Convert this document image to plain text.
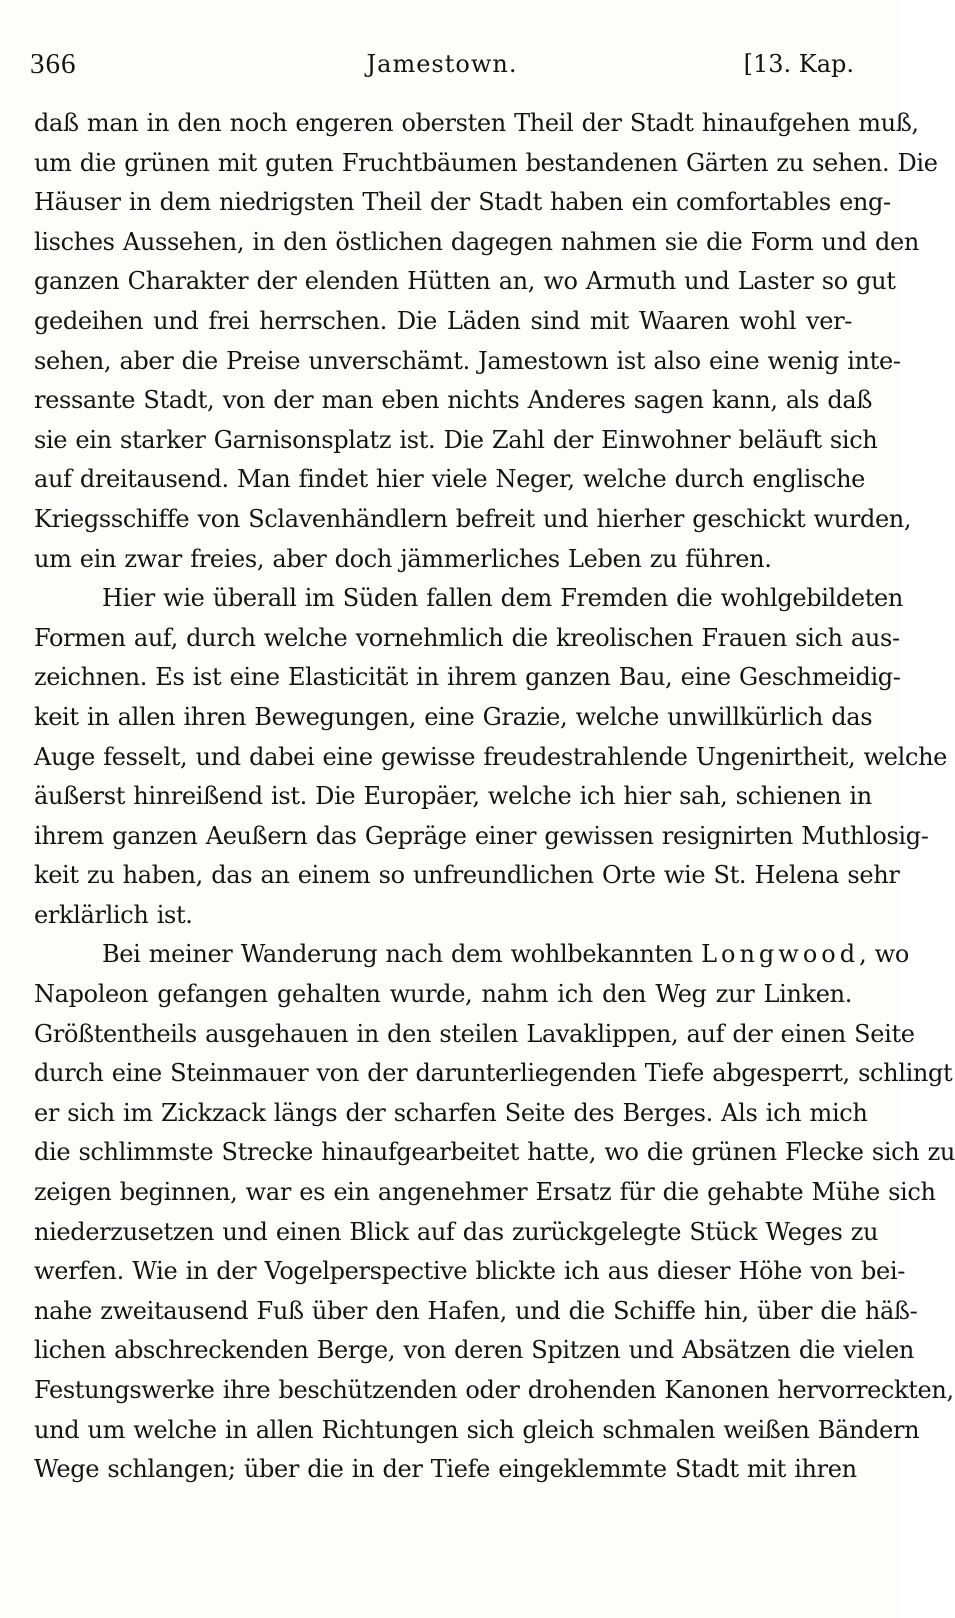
366	Jamestown.	[13. Kap.
daß man in den noch engeren obersten Theil der Stadt hinaufgehen muß,
um die grünen mit guten Fruchtbäumen bestandenen Gärten zu sehen. Die
Häuser in dem niedrigsten Theil der Stadt haben ein comfortables eng-
lisches Aussehen, in den östlichen dagegen nahmen sie die Form und den
ganzen Charakter der elenden Hütten an, wo Armuth und Laster so gut
gedeihen und frei herrschen. Die Läden sind mit Waaren wohl ver-
sehen, aber die Preise unverschämt. Jamestown ist also eine wenig inte-
ressante Stadt, von der man eben nichts Anderes sagen kann, als daß
sie ein starker Garnisonsplatz ist. Die Zahl der Einwohner beläuft sich
auf dreitausend. Man findet hier viele Neger, welche durch englische
Kriegsschiffe von Sclavenhändlern befreit und hierher geschickt wurden,
um ein zwar freies, aber doch jämmerliches Leben zu führen.
Hier wie überall im Süden fallen dem Fremden die wohlgebildeten
Formen auf, durch welche vornehmlich die kreolischen Frauen sich aus-
zeichnen. Es ist eine Elasticität in ihrem ganzen Bau, eine Geschmeidig-
keit in allen ihren Bewegungen, eine Grazie, welche unwillkürlich das
Auge fesselt, und dabei eine gewisse freudestrahlende Ungenirtheit, welche
äußerst hinreißend ist. Die Europäer, welche ich hier sah, schienen in
ihrem ganzen Aeußern das Gepräge einer gewissen resignirten Muthlosig-
keit zu haben, das an einem so unfreundlichen Orte wie St. Helena sehr
erklärlich ist.
Bei meiner Wanderung nach dem wohlbekannten Longwood, wo
Napoleon gefangen gehalten wurde, nahm ich den Weg zur Linken.
Größtentheils ausgehauen in den steilen Lavaklippen, auf der einen Seite
durch eine Steinmauer von der darunterliegenden Tiefe abgesperrt, schlingt
er sich im Zickzack längs der scharfen Seite des Berges. Als ich mich
die schlimmste Strecke hinaufgearbeitet hatte, wo die grünen Flecke sich zu
zeigen beginnen, war es ein angenehmer Ersatz für die gehabte Mühe sich
niederzusetzen und einen Blick auf das zurückgelegte Stück Weges zu
werfen. Wie in der Vogelperspective blickte ich aus dieser Höhe von bei-
nahe zweitausend Fuß über den Hafen, und die Schiffe hin, über die häß-
lichen abschreckenden Berge, von deren Spitzen und Absätzen die vielen
Festungswerke ihre beschützenden oder drohenden Kanonen hervorreckten,
und um welche in allen Richtungen sich gleich schmalen weißen Bändern
Wege schlangen; über die in der Tiefe eingeklemmte Stadt mit ihren
